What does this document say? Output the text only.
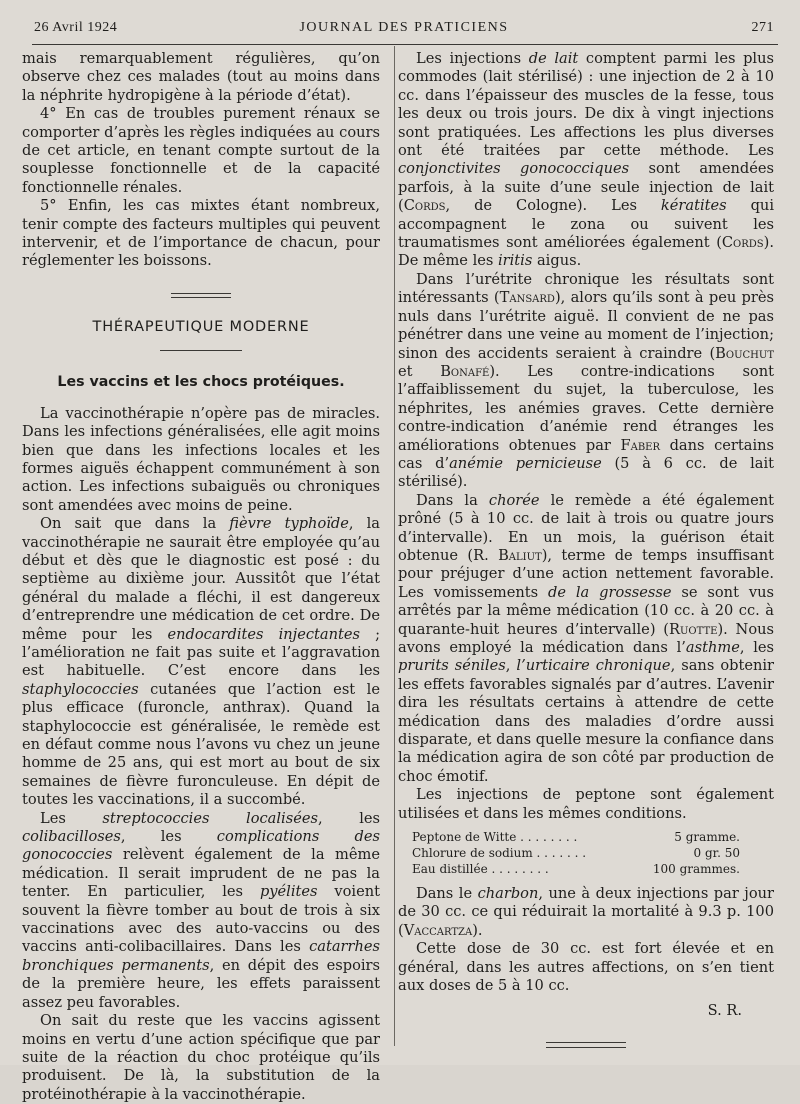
26 Avril 1924	JOURNAL DES PRATICIENS	271

mais remarquablement régulières, qu’on observe chez ces malades (tout au moins dans la néphrite hydropigène à la période d’état).

4° En cas de troubles purement rénaux se comporter d’après les règles indiquées au cours de cet article, en tenant compte surtout de la souplesse fonctionnelle et de la capacité fonctionnelle rénales.

5° Enfin, les cas mixtes étant nombreux, tenir compte des facteurs multiples qui peuvent intervenir, et de l’importance de chacun, pour réglementer les boissons.

THÉRAPEUTIQUE MODERNE
Les vaccins et les chocs protéiques.

La vaccinothérapie n’opère pas de miracles. Dans les infections généralisées, elle agit moins bien que dans les infections locales et les formes aiguës échappent communément à son action. Les infections subaiguës ou chroniques sont amendées avec moins de peine.

On sait que dans la fièvre typhoïde, la vaccinothérapie ne saurait être employée qu’au début et dès que le diagnostic est posé : du septième au dixième jour. Aussitôt que l’état général du malade a fléchi, il est dangereux d’entreprendre une médication de cet ordre. De même pour les endocardites injectantes ; l’amélioration ne fait pas suite et l’aggravation est habituelle. C’est encore dans les staphylococcies cutanées que l’action est le plus efficace (furoncle, anthrax). Quand la staphylococcie est généralisée, le remède est en défaut comme nous l’avons vu chez un jeune homme de 25 ans, qui est mort au bout de six semaines de fièvre furonculeuse. En dépit de toutes les vaccinations, il a succombé.

Les streptococcies localisées, les colibacilloses, les complications des gonococcies relèvent également de la même médication. Il serait imprudent de ne pas la tenter. En particulier, les pyélites voient souvent la fièvre tomber au bout de trois à six vaccinations avec des auto-vaccins ou des vaccins anti-colibacillaires. Dans les catarrhes bronchiques permanents, en dépit des espoirs de la première heure, les effets paraissent assez peu favorables.

On sait du reste que les vaccins agissent moins en vertu d’une action spécifique que par suite de la réaction du choc protéique qu’ils produisent. De là, la substitution de la protéinothérapie à la vaccinothérapie.

Les injections de lait comptent parmi les plus commodes (lait stérilisé) : une injection de 2 à 10 cc. dans l’épaisseur des muscles de la fesse, tous les deux ou trois jours. De dix à vingt injections sont pratiquées. Les affections les plus diverses ont été traitées par cette méthode. Les conjonctivites gonococciques sont amendées parfois, à la suite d’une seule injection de lait (Cords, de Cologne). Les kératites qui accompagnent le zona ou suivent les traumatismes sont améliorées également (Cords). De même les iritis aigus.

Dans l’urétrite chronique les résultats sont intéressants (Tansard), alors qu’ils sont à peu près nuls dans l’urétrite aiguë. Il convient de ne pas pénétrer dans une veine au moment de l’injection; sinon des accidents seraient à craindre (Bouchut et Bonafé). Les contre-indications sont l’affaiblissement du sujet, la tuberculose, les néphrites, les anémies graves. Cette dernière contre-indication d’anémie rend étranges les améliorations obtenues par Faber dans certains cas d’anémie pernicieuse (5 à 6 cc. de lait stérilisé).

Dans la chorée le remède a été également prôné (5 à 10 cc. de lait à trois ou quatre jours d’intervalle). En un mois, la guérison était obtenue (R. Baliut), terme de temps insuffisant pour préjuger d’une action nettement favorable. Les vomissements de la grossesse se sont vus arrêtés par la même médication (10 cc. à 20 cc. à quarante-huit heures d’intervalle) (Ruotte). Nous avons employé la médication dans l’asthme, les prurits séniles, l’urticaire chronique, sans obtenir les effets favorables signalés par d’autres. L’avenir dira les résultats certains à attendre de cette médication dans des maladies d’ordre aussi disparate, et dans quelle mesure la confiance dans la médication agira de son côté par production de choc émotif.

Les injections de peptone sont également utilisées et dans les mêmes conditions.

Peptone de Witte . . . . . . . .	5 gramme.
Chlorure de sodium . . . . . . .	0 gr. 50
Eau distillée . . . . . . . .	100 grammes.

Dans le charbon, une à deux injections par jour de 30 cc. ce qui réduirait la mortalité à 9.3 p. 100 (Vaccartza).

Cette dose de 30 cc. est fort élevée et en général, dans les autres affections, on s’en tient aux doses de 5 à 10 cc.

S. R.
